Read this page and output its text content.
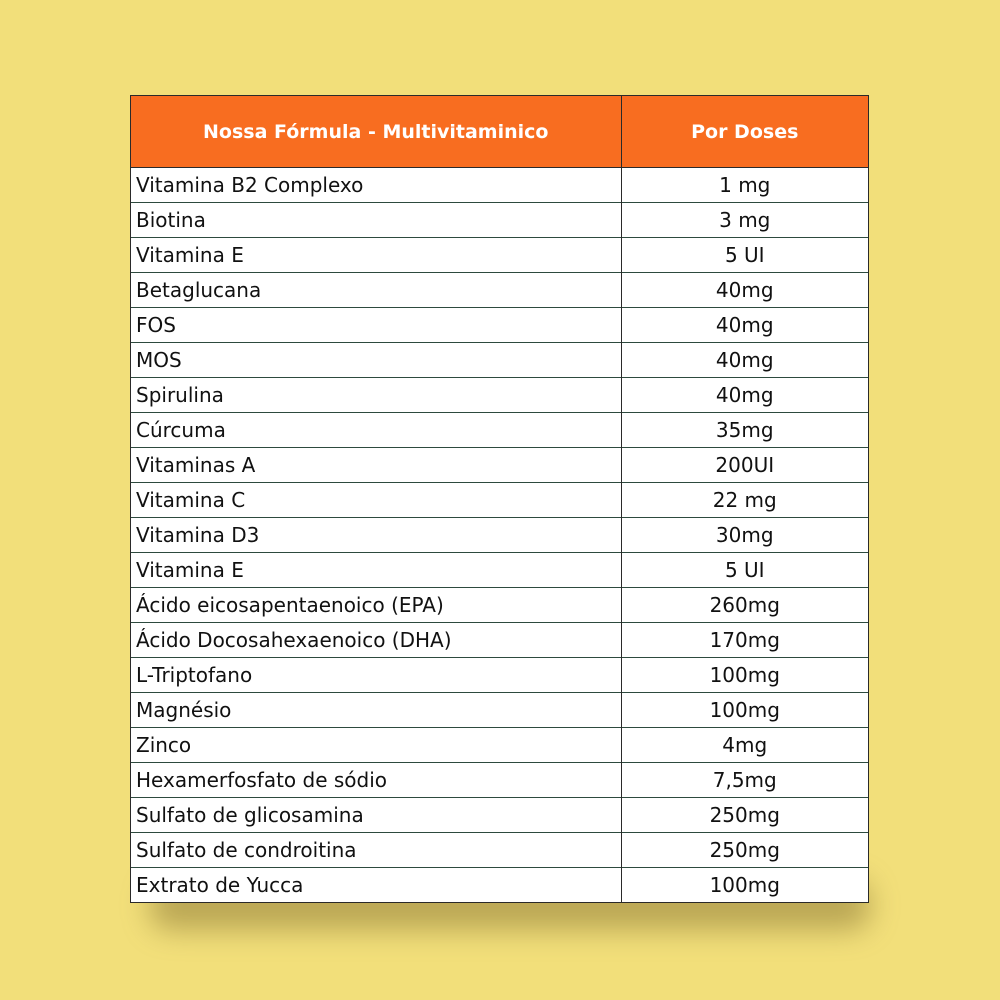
Nossa Fórmula - Multivitaminico	Por Doses
Vitamina B2 Complexo	1 mg
Biotina	3 mg
Vitamina E	5 UI
Betaglucana	40mg
FOS	40mg
MOS	40mg
Spirulina	40mg
Cúrcuma	35mg
Vitaminas A	200UI
Vitamina C	22 mg
Vitamina D3	30mg
Vitamina E	5 UI
Ácido eicosapentaenoico (EPA)	260mg
Ácido Docosahexaenoico (DHA)	170mg
L-Triptofano	100mg
Magnésio	100mg
Zinco	4mg
Hexamerfosfato de sódio	7,5mg
Sulfato de glicosamina	250mg
Sulfato de condroitina	250mg
Extrato de Yucca	100mg
